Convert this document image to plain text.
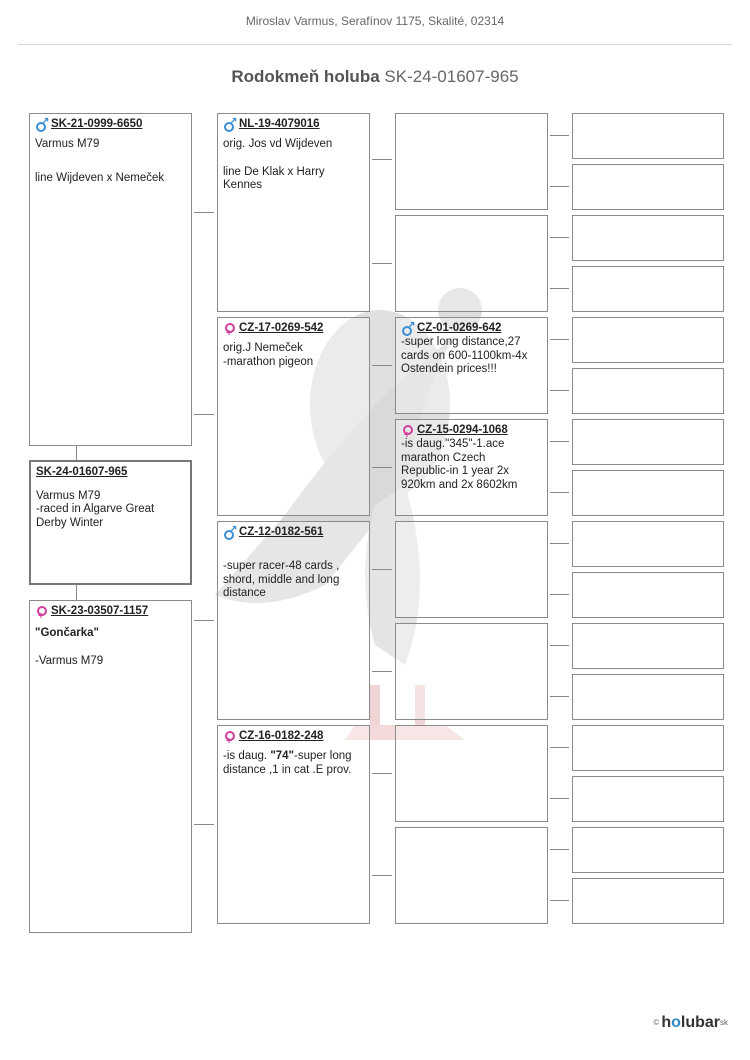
Miroslav Varmus, Serafínov 1175, Skalité, 02314
Rodokmeň holuba SK-24-01607-965
↗
SK-21-0999-6650
Varmus M79
line Wijdeven x Nemeček
SK-24-01607-965
Varmus M79
-raced in Algarve Great
Derby Winter
+
SK-23-03507-1157
"Gončarka"
-Varmus M79
↗
NL-19-4079016
orig. Jos vd Wijdeven
line De Klak x Harry
Kennes
+
CZ-17-0269-542
orig.J Nemeček
-marathon pigeon
↗
CZ-12-0182-561
-super racer-48 cards ,
shord, middle and long
distance
+
CZ-16-0182-248
-is daug. "74"-super long
distance ,1 in cat .E prov.
↗
CZ-01-0269-642
-super long distance,27
cards on 600-1100km-4x
Ostendein prices!!!
+
CZ-15-0294-1068
-is daug."345"-1.ace
marathon Czech
Republic-in 1 year 2x
920km and 2x 8602km
© holubarsk
